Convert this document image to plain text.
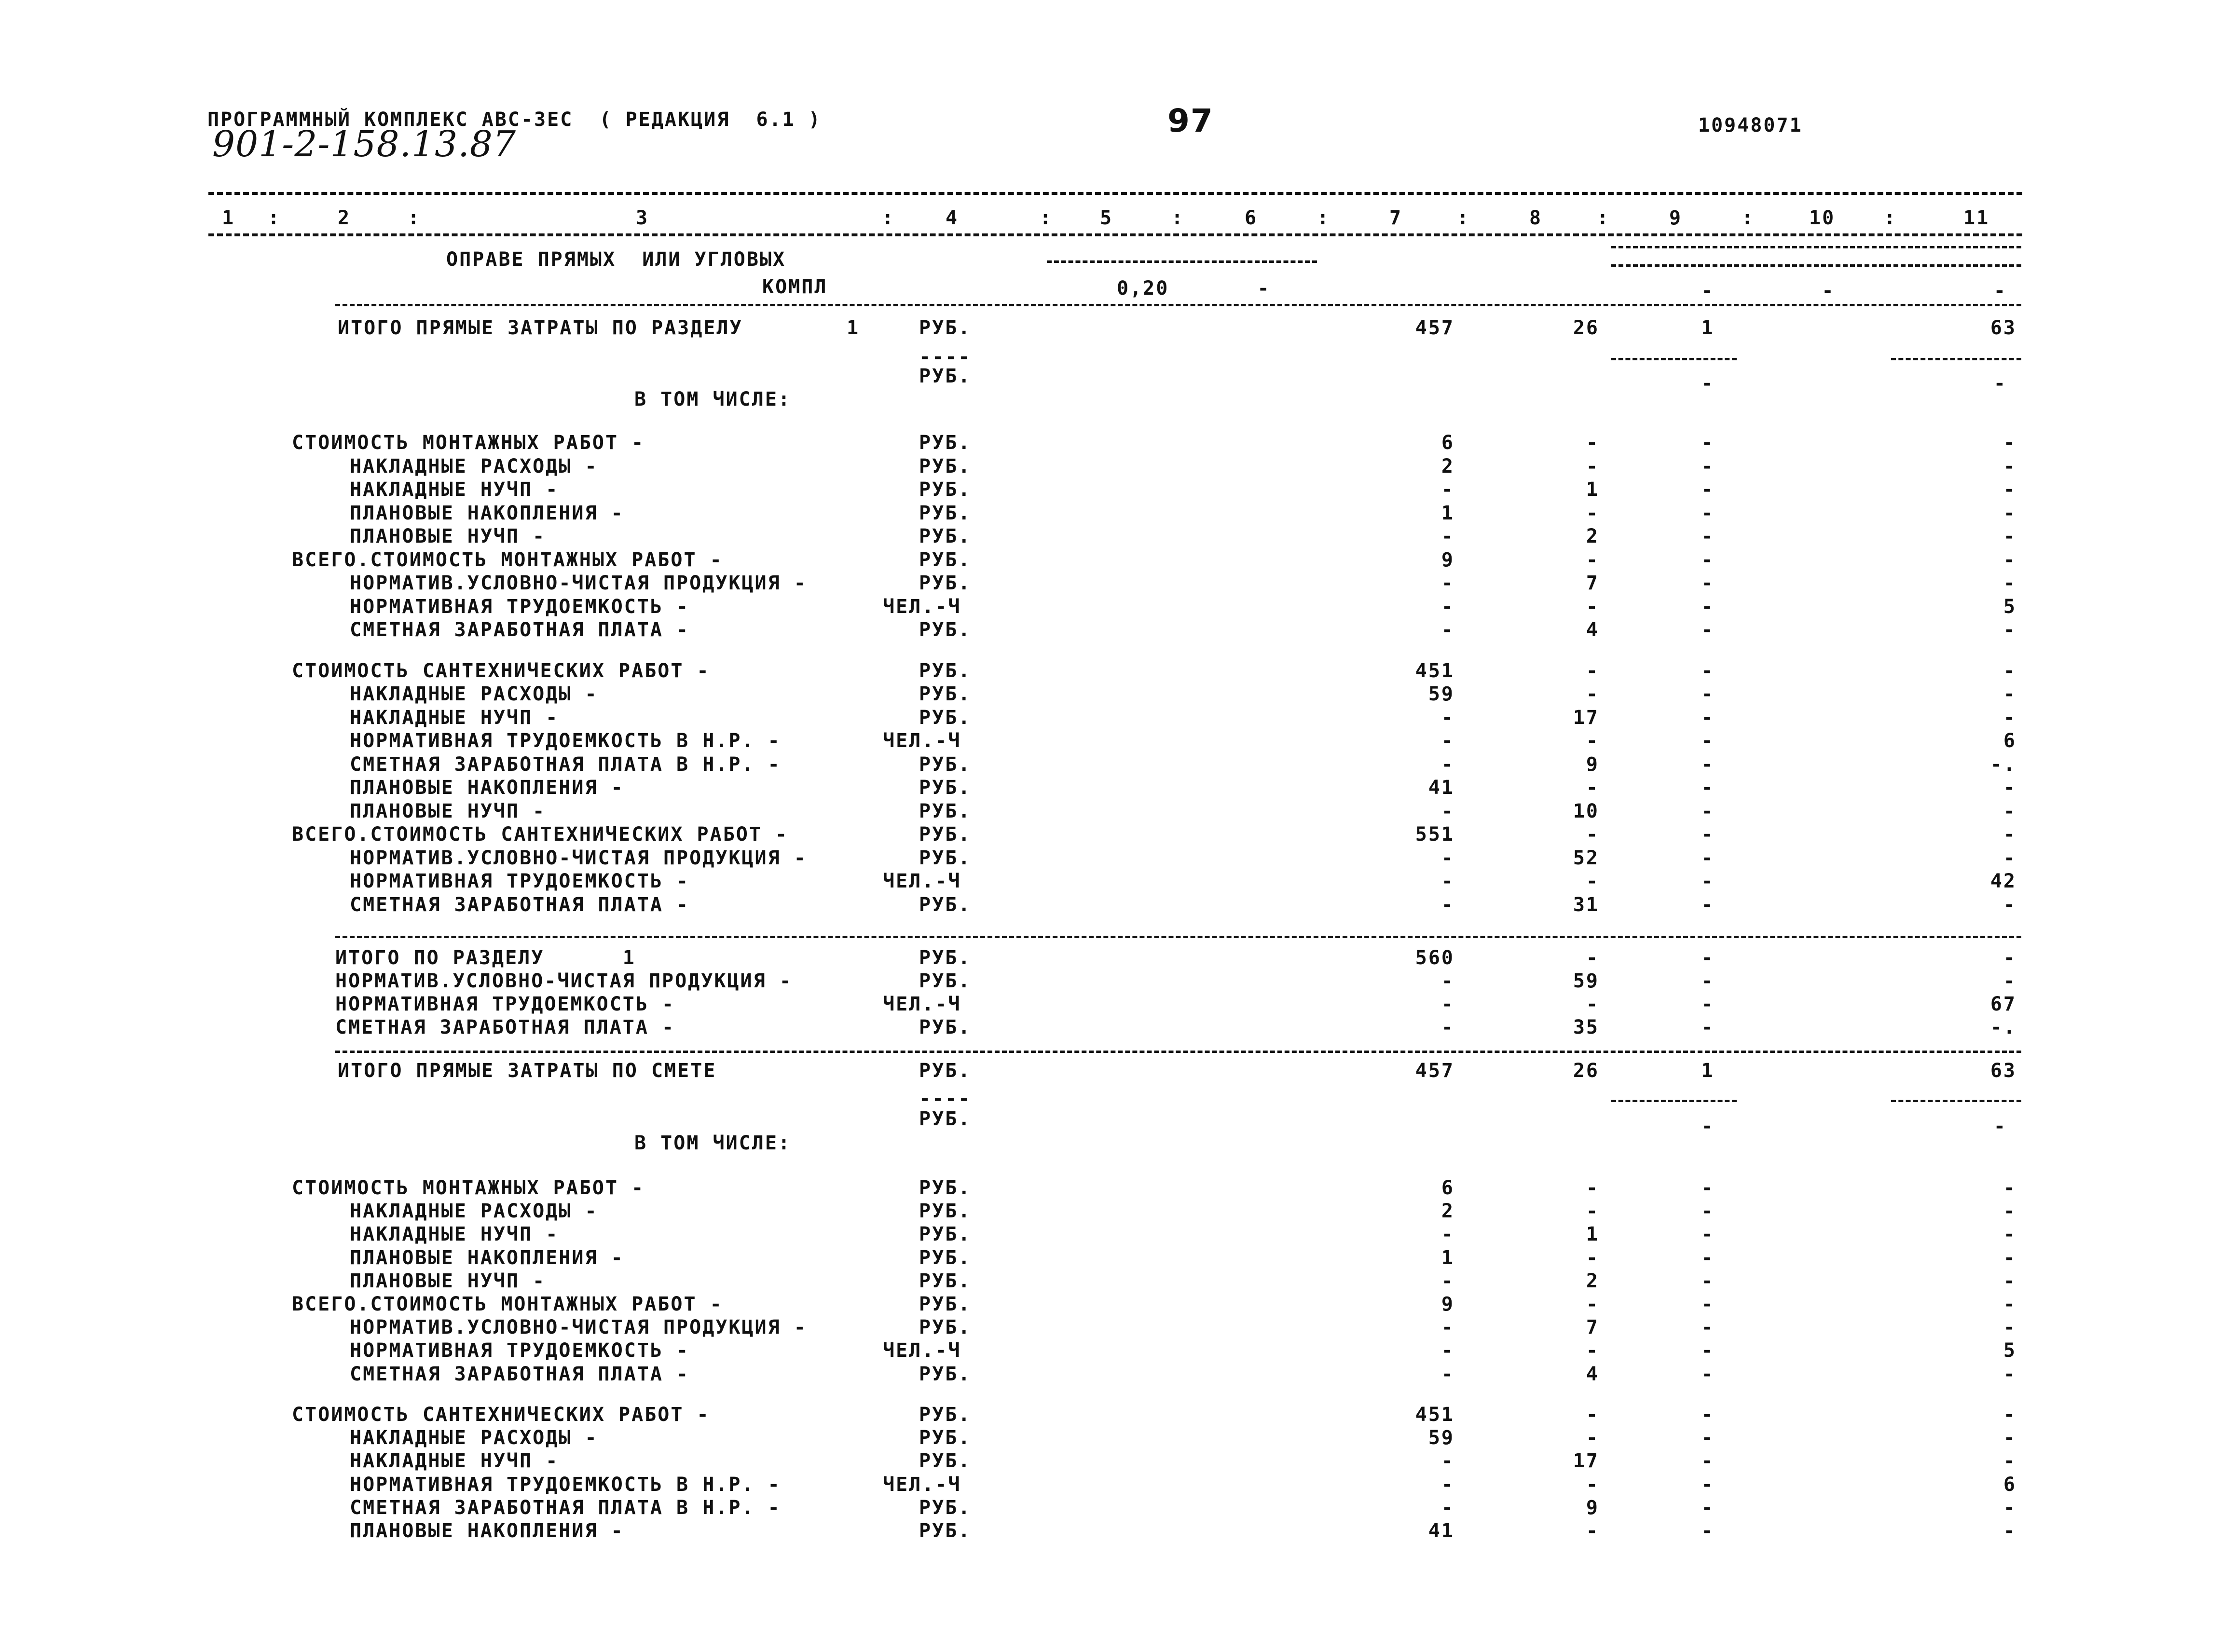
ПРОГРАММНЫЙ КОМПЛЕКС АВС-ЗЕС  ( РЕДАКЦИЯ  6.1 )	97	10948071
901-2-158.13.87
1 :	2	:	3	:	4	: 5	:	6	:	7	:	8	:	9	:	10	:	11
ОПРАВЕ ПРЯМЫХ  ИЛИ УГЛОВЫХ
КОМПЛ	0,20	-	-	-	-
ИТОГО ПРЯМЫЕ ЗАТРАТЫ ПО РАЗДЕЛУ	1	РУБ.	457	26	1	63
----
РУБ.	-	-
В ТОМ ЧИСЛЕ:
СТОИМОСТЬ МОНТАЖНЫХ РАБОТ -	РУБ.	6	-	-	-
НАКЛАДНЫЕ РАСХОДЫ -	РУБ.	2	-	-	-
НАКЛАДНЫЕ НУЧП -	РУБ.	-	1	-	-
ПЛАНОВЫЕ НАКОПЛЕНИЯ -	РУБ.	1	-	-	-
ПЛАНОВЫЕ НУЧП -	РУБ.	-	2	-	-
ВСЕГО.СТОИМОСТЬ МОНТАЖНЫХ РАБОТ -	РУБ.	9	-	-	-
НОРМАТИВ.УСЛОВНО-ЧИСТАЯ ПРОДУКЦИЯ -	РУБ.	-	7	-	-
НОРМАТИВНАЯ ТРУДОЕМКОСТЬ -	ЧЕЛ.-Ч	-	-	-	5
СМЕТНАЯ ЗАРАБОТНАЯ ПЛАТА -	РУБ.	-	4	-	-
СТОИМОСТЬ САНТЕХНИЧЕСКИХ РАБОТ -	РУБ.	451	-	-	-
НАКЛАДНЫЕ РАСХОДЫ -	РУБ.	59	-	-	-
НАКЛАДНЫЕ НУЧП -	РУБ.	-	17	-	-
НОРМАТИВНАЯ ТРУДОЕМКОСТЬ В Н.Р. -	ЧЕЛ.-Ч	-	-	-	6
СМЕТНАЯ ЗАРАБОТНАЯ ПЛАТА В Н.Р. -	РУБ.	-	9	-	-.
ПЛАНОВЫЕ НАКОПЛЕНИЯ -	РУБ.	41	-	-	-
ПЛАНОВЫЕ НУЧП -	РУБ.	-	10	-	-
ВСЕГО.СТОИМОСТЬ САНТЕХНИЧЕСКИХ РАБОТ -	РУБ.	551	-	-	-
НОРМАТИВ.УСЛОВНО-ЧИСТАЯ ПРОДУКЦИЯ -	РУБ.	-	52	-	-
НОРМАТИВНАЯ ТРУДОЕМКОСТЬ -	ЧЕЛ.-Ч	-	-	-	42
СМЕТНАЯ ЗАРАБОТНАЯ ПЛАТА -	РУБ.	-	31	-	-
ИТОГО ПО РАЗДЕЛУ      1	РУБ.	560	-	-	-
НОРМАТИВ.УСЛОВНО-ЧИСТАЯ ПРОДУКЦИЯ -	РУБ.	-	59	-	-
НОРМАТИВНАЯ ТРУДОЕМКОСТЬ -	ЧЕЛ.-Ч	-	-	-	67
СМЕТНАЯ ЗАРАБОТНАЯ ПЛАТА -	РУБ.	-	35	-	-.
ИТОГО ПРЯМЫЕ ЗАТРАТЫ ПО СМЕТЕ	РУБ.	457	26	1	63
----
РУБ.	-	-
В ТОМ ЧИСЛЕ:
СТОИМОСТЬ МОНТАЖНЫХ РАБОТ -	РУБ.	6	-	-	-
НАКЛАДНЫЕ РАСХОДЫ -	РУБ.	2	-	-	-
НАКЛАДНЫЕ НУЧП -	РУБ.	-	1	-	-
ПЛАНОВЫЕ НАКОПЛЕНИЯ -	РУБ.	1	-	-	-
ПЛАНОВЫЕ НУЧП -	РУБ.	-	2	-	-
ВСЕГО.СТОИМОСТЬ МОНТАЖНЫХ РАБОТ -	РУБ.	9	-	-	-
НОРМАТИВ.УСЛОВНО-ЧИСТАЯ ПРОДУКЦИЯ -	РУБ.	-	7	-	-
НОРМАТИВНАЯ ТРУДОЕМКОСТЬ -	ЧЕЛ.-Ч	-	-	-	5
СМЕТНАЯ ЗАРАБОТНАЯ ПЛАТА -	РУБ.	-	4	-	-
СТОИМОСТЬ САНТЕХНИЧЕСКИХ РАБОТ -	РУБ.	451	-	-	-
НАКЛАДНЫЕ РАСХОДЫ -	РУБ.	59	-	-	-
НАКЛАДНЫЕ НУЧП -	РУБ.	-	17	-	-
НОРМАТИВНАЯ ТРУДОЕМКОСТЬ В Н.Р. -	ЧЕЛ.-Ч	-	-	-	6
СМЕТНАЯ ЗАРАБОТНАЯ ПЛАТА В Н.Р. -	РУБ.	-	9	-	-
ПЛАНОВЫЕ НАКОПЛЕНИЯ -	РУБ.	41	-	-	-
